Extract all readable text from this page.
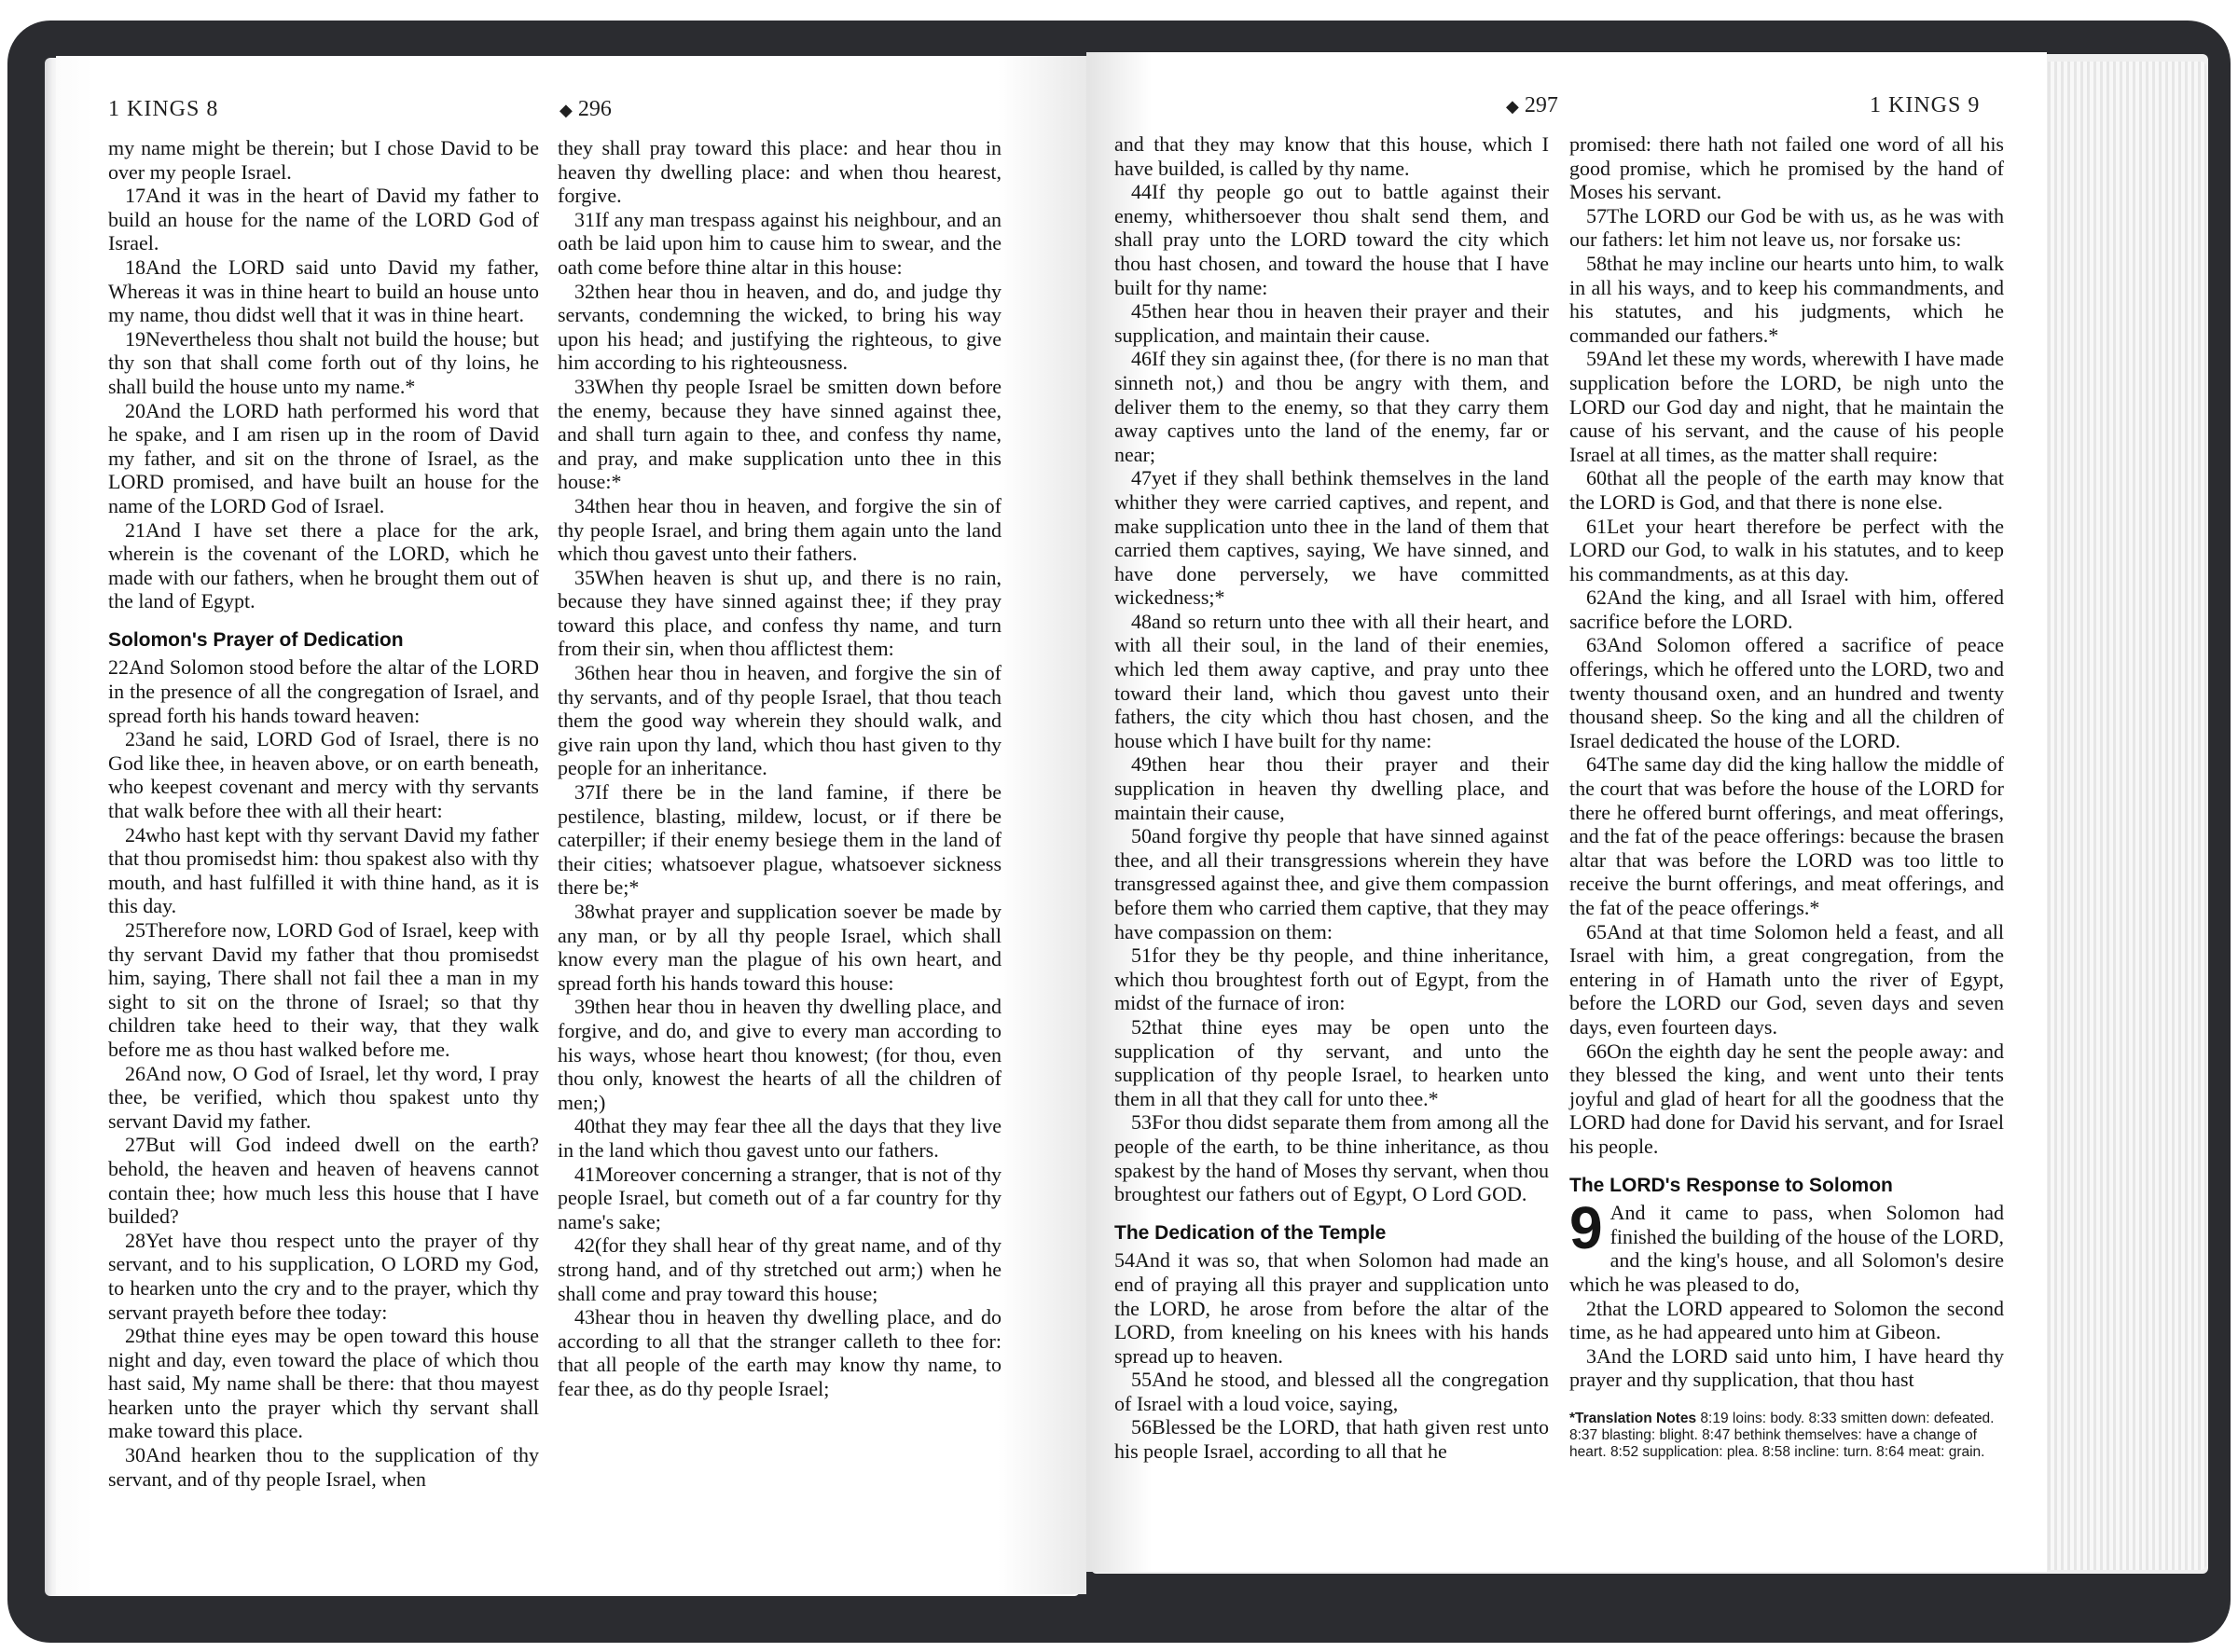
1 KINGS 8	◆ 296

my name might be therein; but I chose David to be over my people Israel.

17And it was in the heart of David my father to build an house for the name of the LORD God of Israel.

18And the LORD said unto David my father, Whereas it was in thine heart to build an house unto my name, thou didst well that it was in thine heart.

19Nevertheless thou shalt not build the house; but thy son that shall come forth out of thy loins, he shall build the house unto my name.*

20And the LORD hath performed his word that he spake, and I am risen up in the room of David my father, and sit on the throne of Israel, as the LORD promised, and have built an house for the name of the LORD God of Israel.

21And I have set there a place for the ark, wherein is the covenant of the LORD, which he made with our fathers, when he brought them out of the land of Egypt.

Solomon's Prayer of Dedication

22And Solomon stood before the altar of the LORD in the presence of all the congregation of Israel, and spread forth his hands toward heaven:

23and he said, LORD God of Israel, there is no God like thee, in heaven above, or on earth beneath, who keepest covenant and mercy with thy servants that walk before thee with all their heart:

24who hast kept with thy servant David my father that thou promisedst him: thou spakest also with thy mouth, and hast fulfilled it with thine hand, as it is this day.

25Therefore now, LORD God of Israel, keep with thy servant David my father that thou promisedst him, saying, There shall not fail thee a man in my sight to sit on the throne of Israel; so that thy children take heed to their way, that they walk before me as thou hast walked before me.

26And now, O God of Israel, let thy word, I pray thee, be verified, which thou spakest unto thy servant David my father.

27But will God indeed dwell on the earth? behold, the heaven and heaven of heavens cannot contain thee; how much less this house that I have builded?

28Yet have thou respect unto the prayer of thy servant, and to his supplication, O LORD my God, to hearken unto the cry and to the prayer, which thy servant prayeth before thee today:

29that thine eyes may be open toward this house night and day, even toward the place of which thou hast said, My name shall be there: that thou mayest hearken unto the prayer which thy servant shall make toward this place.

30And hearken thou to the supplication of thy servant, and of thy people Israel, when

they shall pray toward this place: and hear thou in heaven thy dwelling place: and when thou hearest, forgive.

31If any man trespass against his neighbour, and an oath be laid upon him to cause him to swear, and the oath come before thine altar in this house:

32then hear thou in heaven, and do, and judge thy servants, condemning the wicked, to bring his way upon his head; and justifying the righteous, to give him according to his righteousness.

33When thy people Israel be smitten down before the enemy, because they have sinned against thee, and shall turn again to thee, and confess thy name, and pray, and make supplication unto thee in this house:*

34then hear thou in heaven, and forgive the sin of thy people Israel, and bring them again unto the land which thou gavest unto their fathers.

35When heaven is shut up, and there is no rain, because they have sinned against thee; if they pray toward this place, and confess thy name, and turn from their sin, when thou afflictest them:

36then hear thou in heaven, and forgive the sin of thy servants, and of thy people Israel, that thou teach them the good way wherein they should walk, and give rain upon thy land, which thou hast given to thy people for an inheritance.

37If there be in the land famine, if there be pestilence, blasting, mildew, locust, or if there be caterpiller; if their enemy besiege them in the land of their cities; whatsoever plague, whatsoever sickness there be;*

38what prayer and supplication soever be made by any man, or by all thy people Israel, which shall know every man the plague of his own heart, and spread forth his hands toward this house:

39then hear thou in heaven thy dwelling place, and forgive, and do, and give to every man according to his ways, whose heart thou knowest; (for thou, even thou only, knowest the hearts of all the children of men;)

40that they may fear thee all the days that they live in the land which thou gavest unto our fathers.

41Moreover concerning a stranger, that is not of thy people Israel, but cometh out of a far country for thy name's sake;

42(for they shall hear of thy great name, and of thy strong hand, and of thy stretched out arm;) when he shall come and pray toward this house;

43hear thou in heaven thy dwelling place, and do according to all that the stranger calleth to thee for: that all people of the earth may know thy name, to fear thee, as do thy people Israel;

◆ 297	1 KINGS 9

and that they may know that this house, which I have builded, is called by thy name.

44If thy people go out to battle against their enemy, whithersoever thou shalt send them, and shall pray unto the LORD toward the city which thou hast chosen, and toward the house that I have built for thy name:

45then hear thou in heaven their prayer and their supplication, and maintain their cause.

46If they sin against thee, (for there is no man that sinneth not,) and thou be angry with them, and deliver them to the enemy, so that they carry them away captives unto the land of the enemy, far or near;

47yet if they shall bethink themselves in the land whither they were carried captives, and repent, and make supplication unto thee in the land of them that carried them captives, saying, We have sinned, and have done perversely, we have committed wickedness;*

48and so return unto thee with all their heart, and with all their soul, in the land of their enemies, which led them away captive, and pray unto thee toward their land, which thou gavest unto their fathers, the city which thou hast chosen, and the house which I have built for thy name:

49then hear thou their prayer and their supplication in heaven thy dwelling place, and maintain their cause,

50and forgive thy people that have sinned against thee, and all their transgressions wherein they have transgressed against thee, and give them compassion before them who carried them captive, that they may have compassion on them:

51for they be thy people, and thine inheritance, which thou broughtest forth out of Egypt, from the midst of the furnace of iron:

52that thine eyes may be open unto the supplication of thy servant, and unto the supplication of thy people Israel, to hearken unto them in all that they call for unto thee.*

53For thou didst separate them from among all the people of the earth, to be thine inheritance, as thou spakest by the hand of Moses thy servant, when thou broughtest our fathers out of Egypt, O Lord GOD.

The Dedication of the Temple

54And it was so, that when Solomon had made an end of praying all this prayer and supplication unto the LORD, he arose from before the altar of the LORD, from kneeling on his knees with his hands spread up to heaven.

55And he stood, and blessed all the congregation of Israel with a loud voice, saying,

56Blessed be the LORD, that hath given rest unto his people Israel, according to all that he

promised: there hath not failed one word of all his good promise, which he promised by the hand of Moses his servant.

57The LORD our God be with us, as he was with our fathers: let him not leave us, nor forsake us:

58that he may incline our hearts unto him, to walk in all his ways, and to keep his commandments, and his statutes, and his judgments, which he commanded our fathers.*

59And let these my words, wherewith I have made supplication before the LORD, be nigh unto the LORD our God day and night, that he maintain the cause of his servant, and the cause of his people Israel at all times, as the matter shall require:

60that all the people of the earth may know that the LORD is God, and that there is none else.

61Let your heart therefore be perfect with the LORD our God, to walk in his statutes, and to keep his commandments, as at this day.

62And the king, and all Israel with him, offered sacrifice before the LORD.

63And Solomon offered a sacrifice of peace offerings, which he offered unto the LORD, two and twenty thousand oxen, and an hundred and twenty thousand sheep. So the king and all the children of Israel dedicated the house of the LORD.

64The same day did the king hallow the middle of the court that was before the house of the LORD for there he offered burnt offerings, and meat offerings, and the fat of the peace offerings: because the brasen altar that was before the LORD was too little to receive the burnt offerings, and meat offerings, and the fat of the peace offerings.*

65And at that time Solomon held a feast, and all Israel with him, a great congregation, from the entering in of Hamath unto the river of Egypt, before the LORD our God, seven days and seven days, even fourteen days.

66On the eighth day he sent the people away: and they blessed the king, and went unto their tents joyful and glad of heart for all the goodness that the LORD had done for David his servant, and for Israel his people.

The LORD's Response to Solomon

9 And it came to pass, when Solomon had finished the building of the house of the LORD, and the king's house, and all Solomon's desire which he was pleased to do,

2that the LORD appeared to Solomon the second time, as he had appeared unto him at Gibeon.

3And the LORD said unto him, I have heard thy prayer and thy supplication, that thou hast

*Translation Notes 8:19 loins: body. 8:33 smitten down: defeated. 8:37 blasting: blight. 8:47 bethink themselves: have a change of heart. 8:52 supplication: plea. 8:58 incline: turn. 8:64 meat: grain.
